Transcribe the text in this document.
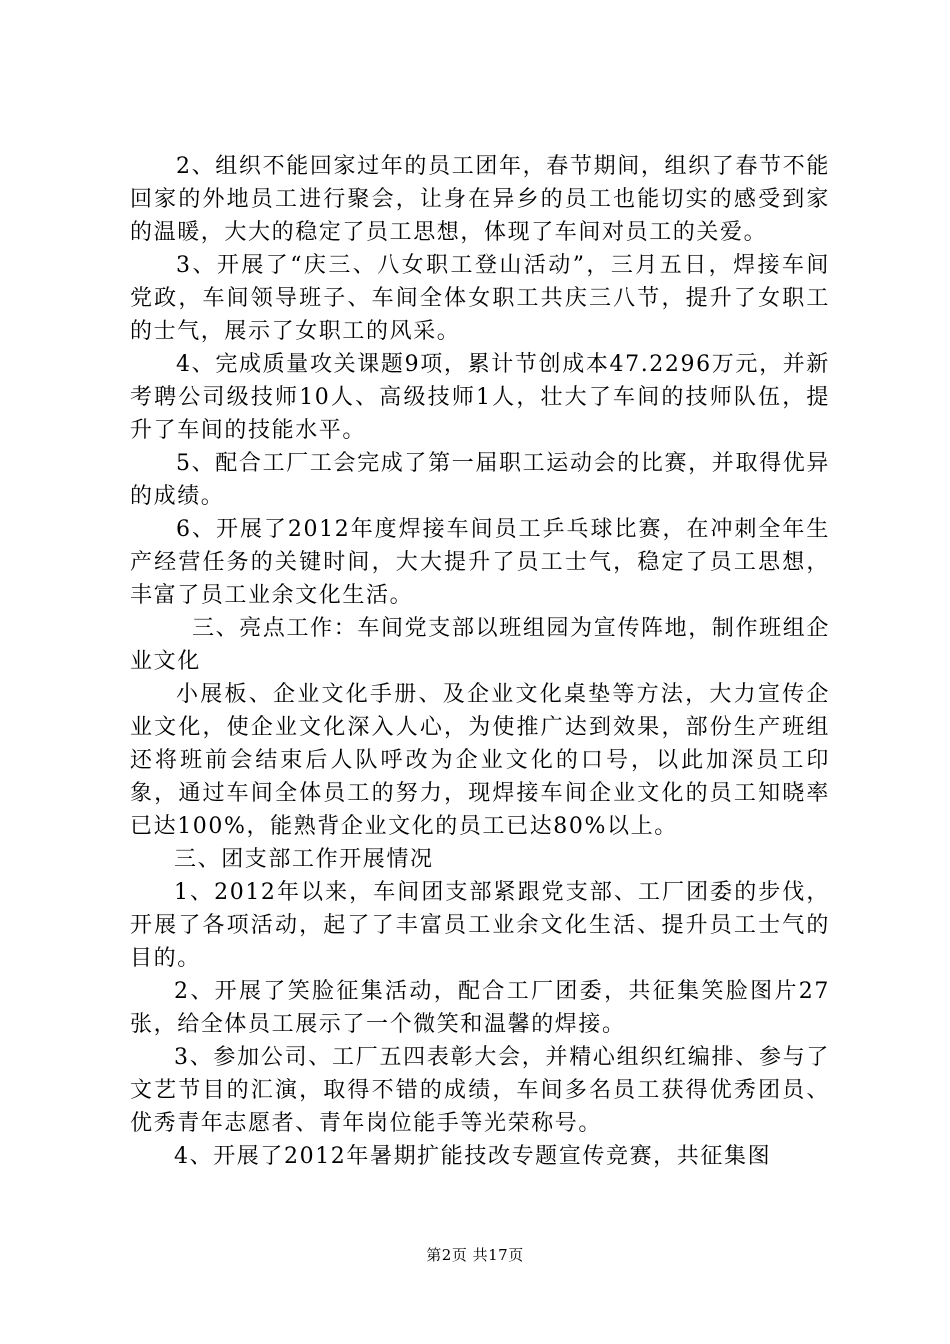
2、组织不能回家过年的员工团年，春节期间，组织了春节不能回家的外地员工进行聚会，让身在异乡的员工也能切实的感受到家的温暖，大大的稳定了员工思想，体现了车间对员工的关爱。

3、开展了“庆三、八女职工登山活动”，三月五日，焊接车间党政，车间领导班子、车间全体女职工共庆三八节，提升了女职工的士气，展示了女职工的风采。

4、完成质量攻关课题9项，累计节创成本47.2296万元，并新考聘公司级技师10人、高级技师1人，壮大了车间的技师队伍，提升了车间的技能水平。

5、配合工厂工会完成了第一届职工运动会的比赛，并取得优异的成绩。

6、开展了2012年度焊接车间员工乒乓球比赛，在冲刺全年生产经营任务的关键时间，大大提升了员工士气，稳定了员工思想，丰富了员工业余文化生活。

三、亮点工作：车间党支部以班组园为宣传阵地，制作班组企业文化

小展板、企业文化手册、及企业文化桌垫等方法，大力宣传企业文化，使企业文化深入人心，为使推广达到效果，部份生产班组还将班前会结束后人队呼改为企业文化的口号，以此加深员工印象，通过车间全体员工的努力，现焊接车间企业文化的员工知晓率已达100%，能熟背企业文化的员工已达80%以上。

三、团支部工作开展情况

1、2012年以来，车间团支部紧跟党支部、工厂团委的步伐，开展了各项活动，起了了丰富员工业余文化生活、提升员工士气的目的。

2、开展了笑脸征集活动，配合工厂团委，共征集笑脸图片27张，给全体员工展示了一个微笑和温馨的焊接。

3、参加公司、工厂五四表彰大会，并精心组织红编排、参与了文艺节目的汇演，取得不错的成绩，车间多名员工获得优秀团员、优秀青年志愿者、青年岗位能手等光荣称号。

4、开展了2012年暑期扩能技改专题宣传竞赛，共征集图

第2页 共17页
